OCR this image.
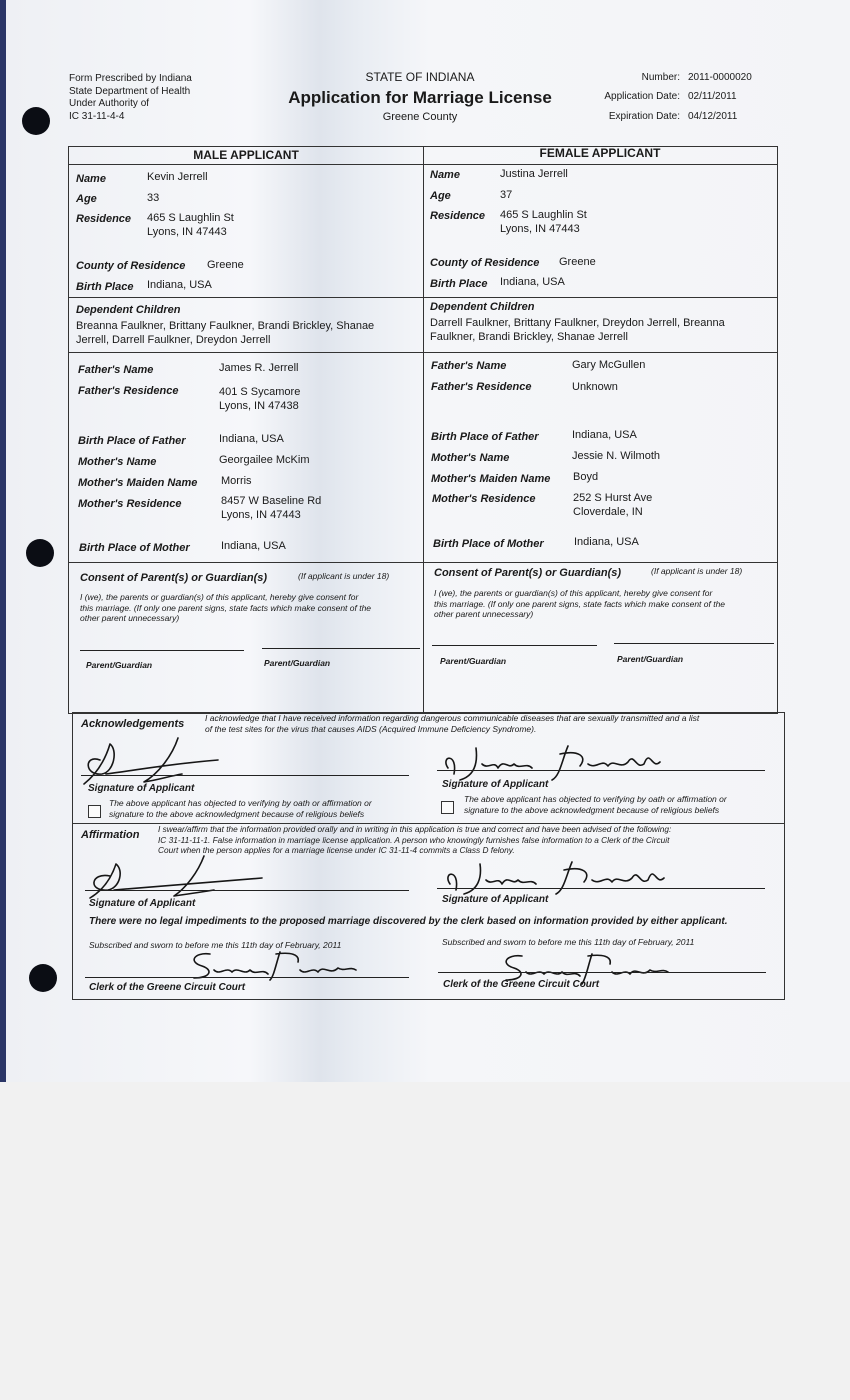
Form Prescribed by Indiana
State Department of Health
Under Authority of
IC 31-11-4-4
STATE OF INDIANA
Application for Marriage License
Greene County
Number: 2011-0000020
Application Date: 02/11/2011
Expiration Date: 04/12/2011
MALE APPLICANT
Name	Kevin Jerrell
Age	33
Residence 465 S Laughlin St
Lyons, IN 47443
County of Residence Greene
Birth Place Indiana, USA
Dependent Children
Breanna Faulkner, Brittany Faulkner, Brandi Brickley, Shanae
Jerrell, Darrell Faulkner, Dreydon Jerrell
Father's Name	James R. Jerrell
Father's Residence	401 S Sycamore
Lyons, IN 47438
Birth Place of Father	Indiana, USA
Mother's Name	Georgailee McKim
Mother's Maiden Name Morris
Mother's Residence	8457 W Baseline Rd
Lyons, IN 47443
Birth Place of Mother	Indiana, USA
FEMALE APPLICANT
Name	Justina Jerrell
Age	37
Residence 465 S Laughlin St
Lyons, IN 47443
County of Residence Greene
Birth Place Indiana, USA
Dependent Children
Darrell Faulkner, Brittany Faulkner, Dreydon Jerrell, Breanna
Faulkner, Brandi Brickley, Shanae Jerrell
Father's Name	Gary McGullen
Father's Residence	Unknown
Birth Place of Father	Indiana, USA
Mother's Name	Jessie N. Wilmoth
Mother's Maiden Name Boyd
Mother's Residence	252 S Hurst Ave
Cloverdale, IN
Birth Place of Mother	Indiana, USA
Consent of Parent(s) or Guardian(s)	(If applicant is under 18)
I (we), the parents or guardian(s) of this applicant, hereby give consent for
this marriage. (If only one parent signs, state facts which make consent of the
other parent unnecessary)
Parent/Guardian	Parent/Guardian
Consent of Parent(s) or Guardian(s)	(If applicant is under 18)
I (we), the parents or guardian(s) of this applicant, hereby give consent for
this marriage. (If only one parent signs, state facts which make consent of the
other parent unnecessary)
Parent/Guardian	Parent/Guardian
Acknowledgements I acknowledge that I have received information regarding dangerous communicable diseases that are sexually transmitted and a list
of the test sites for the virus that causes AIDS (Acquired Immune Deficiency Syndrome).
Signature of Applicant
The above applicant has objected to verifying by oath or affirmation or
signature to the above acknowledgment because of religious beliefs
Signature of Applicant
The above applicant has objected to verifying by oath or affirmation or
signature to the above acknowledgment because of religious beliefs
Affirmation I swear/affirm that the information provided orally and in writing in this application is true and correct and have been advised of the following:
IC 31-11-11-1. False information in marriage license application. A person who knowingly furnishes false information to a Clerk of the Circuit
Court when the person applies for a marriage license under IC 31-11-4 commits a Class D felony.
Signature of Applicant	Signature of Applicant
There were no legal impediments to the proposed marriage discovered by the clerk based on information provided by either applicant.
Subscribed and sworn to before me this 11th day of February, 2011	Subscribed and sworn to before me this 11th day of February, 2011
Clerk of the Greene Circuit Court	Clerk of the Greene Circuit Court
